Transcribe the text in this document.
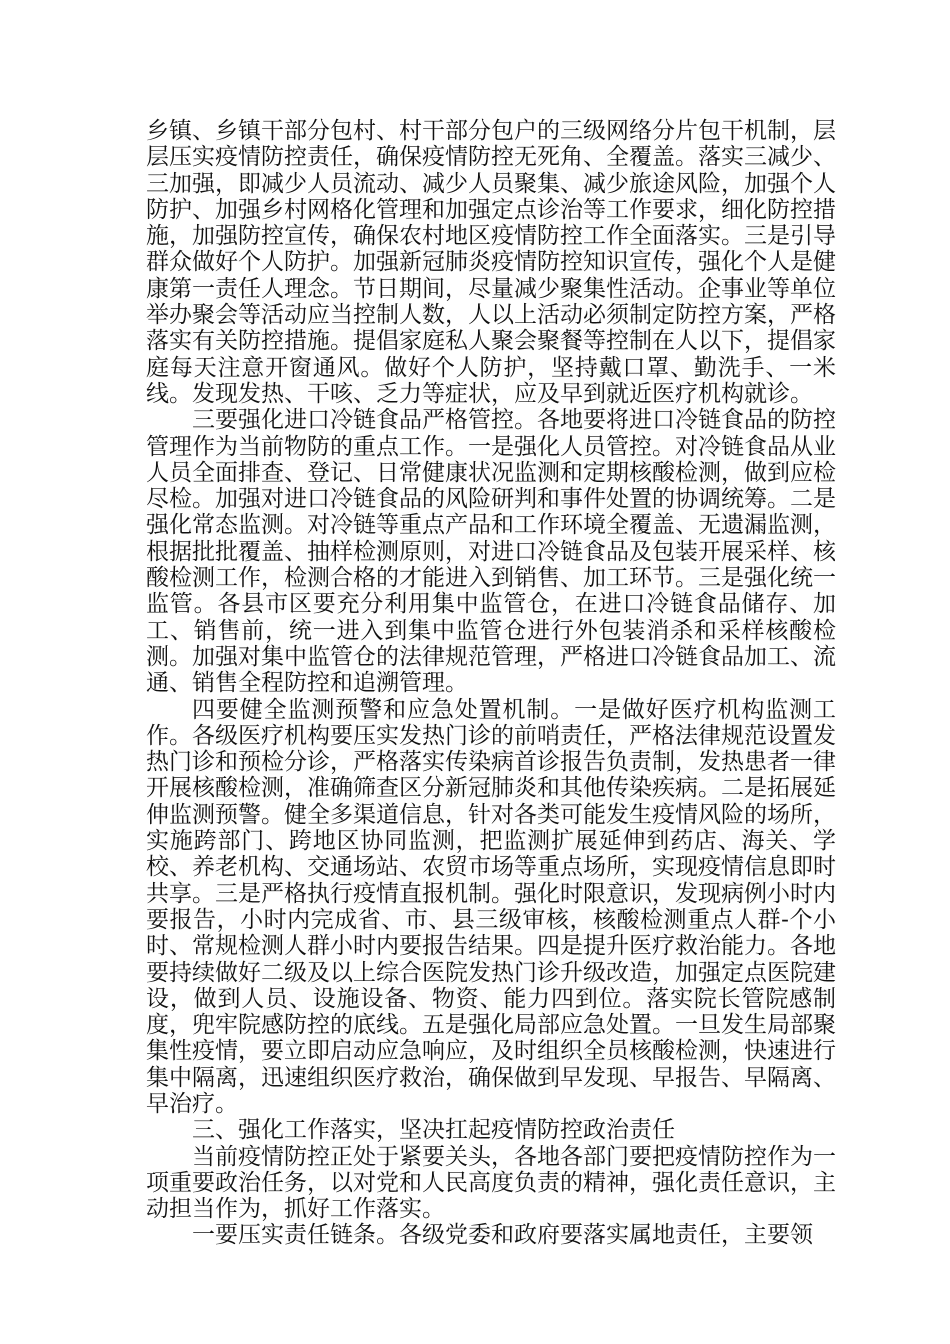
乡镇、乡镇干部分包村、村干部分包户的三级网络分片包干机制，层层压实疫情防控责任，确保疫情防控无死角、全覆盖。落实三减少、三加强，即减少人员流动、减少人员聚集、减少旅途风险，加强个人防护、加强乡村网格化管理和加强定点诊治等工作要求，细化防控措施，加强防控宣传，确保农村地区疫情防控工作全面落实。三是引导群众做好个人防护。加强新冠肺炎疫情防控知识宣传，强化个人是健康第一责任人理念。节日期间，尽量减少聚集性活动。企事业等单位举办聚会等活动应当控制人数，人以上活动必须制定防控方案，严格落实有关防控措施。提倡家庭私人聚会聚餐等控制在人以下，提倡家庭每天注意开窗通风。做好个人防护，坚持戴口罩、勤洗手、一米线。发现发热、干咳、乏力等症状，应及早到就近医疗机构就诊。

三要强化进口冷链食品严格管控。各地要将进口冷链食品的防控管理作为当前物防的重点工作。一是强化人员管控。对冷链食品从业人员全面排查、登记、日常健康状况监测和定期核酸检测，做到应检尽检。加强对进口冷链食品的风险研判和事件处置的协调统筹。二是强化常态监测。对冷链等重点产品和工作环境全覆盖、无遗漏监测，根据批批覆盖、抽样检测原则，对进口冷链食品及包装开展采样、核酸检测工作，检测合格的才能进入到销售、加工环节。三是强化统一监管。各县市区要充分利用集中监管仓，在进口冷链食品储存、加工、销售前，统一进入到集中监管仓进行外包装消杀和采样核酸检测。加强对集中监管仓的法律规范管理，严格进口冷链食品加工、流通、销售全程防控和追溯管理。

四要健全监测预警和应急处置机制。一是做好医疗机构监测工作。各级医疗机构要压实发热门诊的前哨责任，严格法律规范设置发热门诊和预检分诊，严格落实传染病首诊报告负责制，发热患者一律开展核酸检测，准确筛查区分新冠肺炎和其他传染疾病。二是拓展延伸监测预警。健全多渠道信息，针对各类可能发生疫情风险的场所，实施跨部门、跨地区协同监测，把监测扩展延伸到药店、海关、学校、养老机构、交通场站、农贸市场等重点场所，实现疫情信息即时共享。三是严格执行疫情直报机制。强化时限意识，发现病例小时内要报告，小时内完成省、市、县三级审核，核酸检测重点人群-个小时、常规检测人群小时内要报告结果。四是提升医疗救治能力。各地要持续做好二级及以上综合医院发热门诊升级改造，加强定点医院建设，做到人员、设施设备、物资、能力四到位。落实院长管院感制度，兜牢院感防控的底线。五是强化局部应急处置。一旦发生局部聚集性疫情，要立即启动应急响应，及时组织全员核酸检测，快速进行集中隔离，迅速组织医疗救治，确保做到早发现、早报告、早隔离、早治疗。

三、强化工作落实，坚决扛起疫情防控政治责任

当前疫情防控正处于紧要关头，各地各部门要把疫情防控作为一项重要政治任务，以对党和人民高度负责的精神，强化责任意识，主动担当作为，抓好工作落实。

一要压实责任链条。各级党委和政府要落实属地责任，主要领
